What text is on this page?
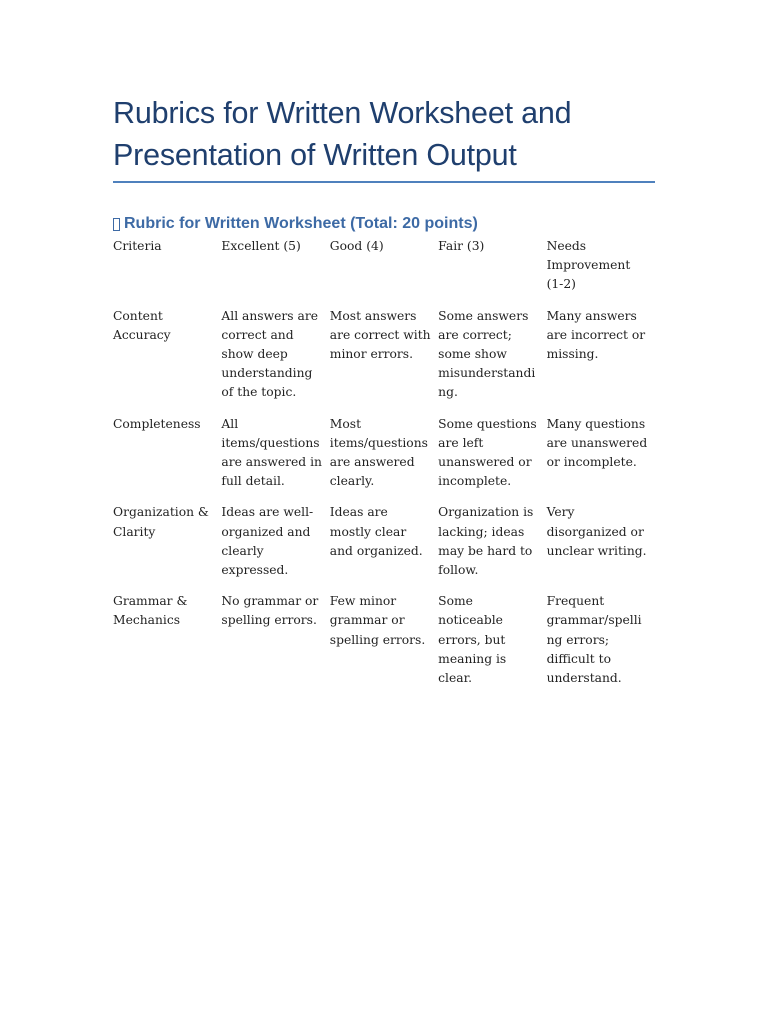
Rubrics for Written Worksheet and
Presentation of Written Output
Rubric for Written Worksheet (Total: 20 points)
Criteria	Excellent (5)	Good (4)	Fair (3)	Needs Improvement (1-2)
Content Accuracy	All answers are correct and show deep understanding of the topic.	Most answers are correct with minor errors.	Some answers are correct; some show misunderstanding.	Many answers are incorrect or missing.
Completeness	All items/questions are answered in full detail.	Most items/questions are answered clearly.	Some questions are left unanswered or incomplete.	Many questions are unanswered or incomplete.
Organization & Clarity	Ideas are well-organized and clearly expressed.	Ideas are mostly clear and organized.	Organization is lacking; ideas may be hard to follow.	Very disorganized or unclear writing.
Grammar & Mechanics	No grammar or spelling errors.	Few minor grammar or spelling errors.	Some noticeable errors, but meaning is clear.	Frequent grammar/spelling errors; difficult to understand.
